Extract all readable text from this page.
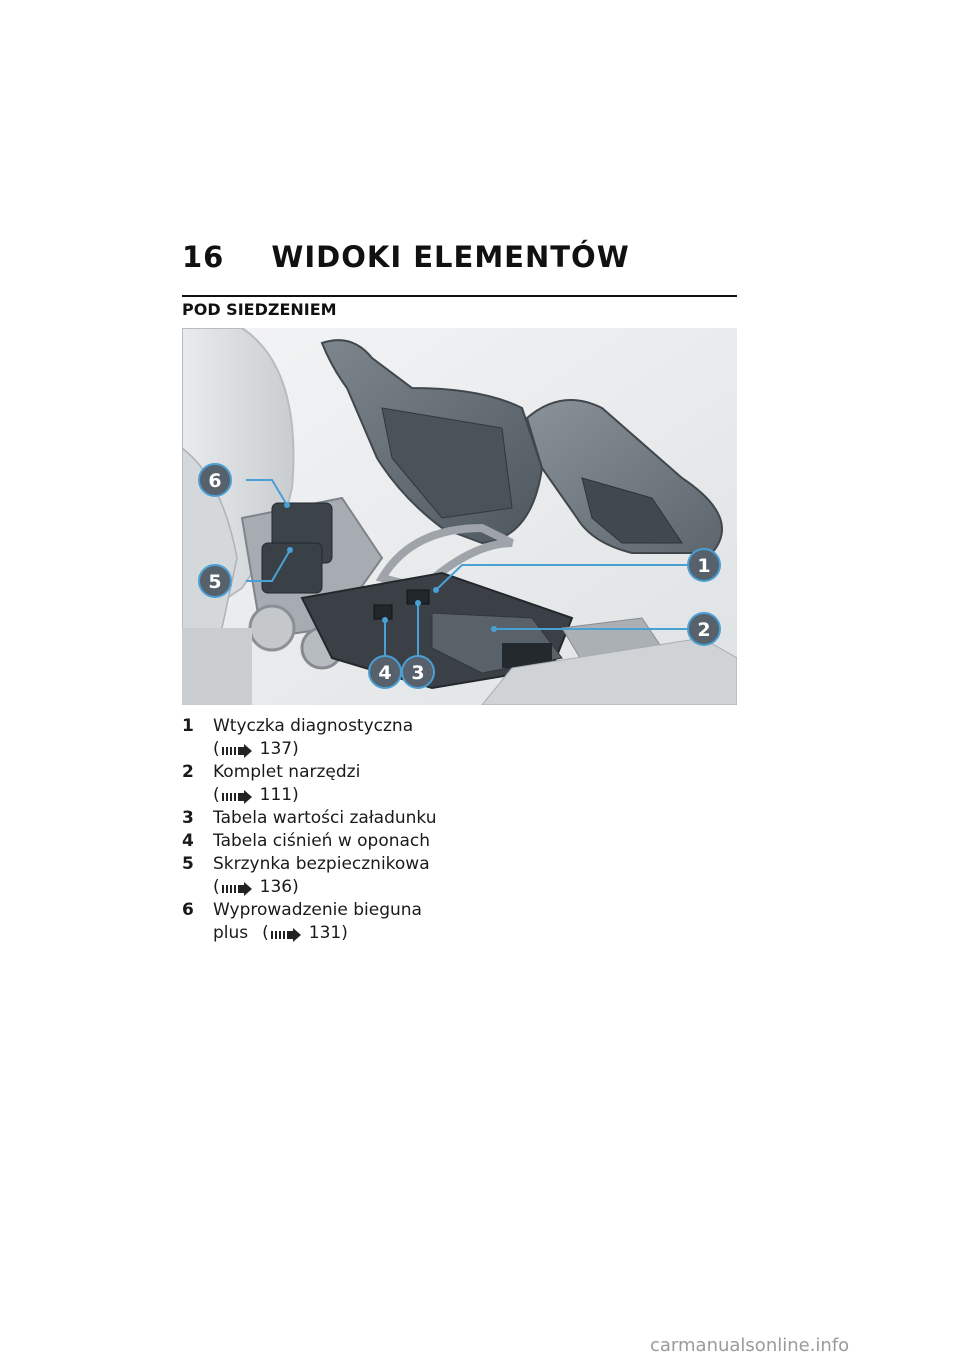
16 WIDOKI ELEMENTÓW
POD SIEDZENIEM
6
5
1
2
4 3
1	Wtyczka diagnostyczna
( 137 )
2	Komplet narzędzi
( 111 )
3	Tabela wartości załadunku
4	Tabela ciśnień w oponach
5	Skrzynka bezpiecznikowa
( 136 )
6	Wyprowadzenie bieguna
plus ( 131 )
carmanualsonline.info
